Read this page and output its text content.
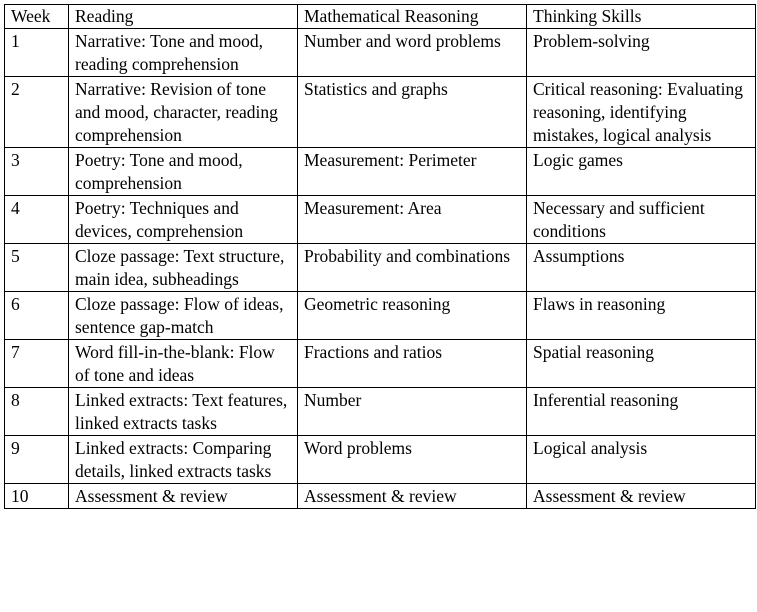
Week	Reading	Mathematical Reasoning	Thinking Skills
1	Narrative: Tone and mood, reading comprehension	Number and word problems	Problem-solving
2	Narrative: Revision of tone and mood, character, reading comprehension	Statistics and graphs	Critical reasoning: Evaluating reasoning, identifying mistakes, logical analysis
3	Poetry: Tone and mood, comprehension	Measurement: Perimeter	Logic games
4	Poetry: Techniques and devices, comprehension	Measurement: Area	Necessary and sufficient conditions
5	Cloze passage: Text structure, main idea, subheadings	Probability and combinations	Assumptions
6	Cloze passage: Flow of ideas, sentence gap-match	Geometric reasoning	Flaws in reasoning
7	Word fill-in-the-blank: Flow of tone and ideas	Fractions and ratios	Spatial reasoning
8	Linked extracts: Text features, linked extracts tasks	Number	Inferential reasoning
9	Linked extracts: Comparing details, linked extracts tasks	Word problems	Logical analysis
10	Assessment & review	Assessment & review	Assessment & review
